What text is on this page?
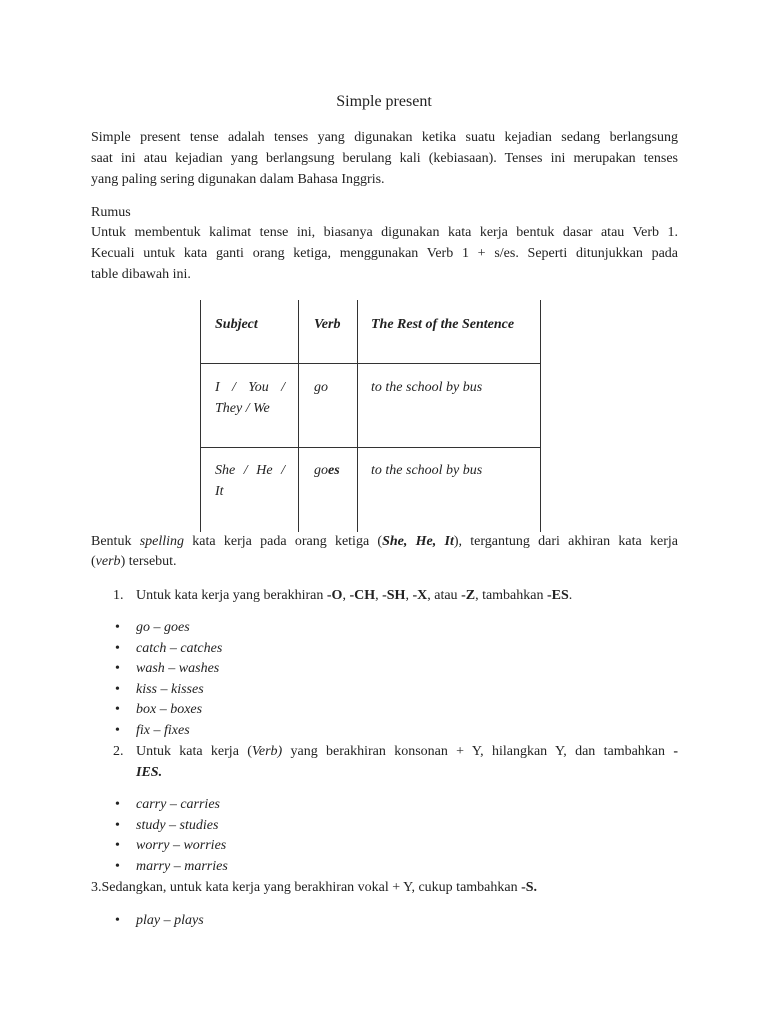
Simple present
Simple present tense adalah tenses yang digunakan ketika suatu kejadian sedang berlangsung
saat ini atau kejadian yang berlangsung berulang kali (kebiasaan). Tenses ini merupakan tenses
yang paling sering digunakan dalam Bahasa Inggris.
Rumus
Untuk membentuk kalimat tense ini, biasanya digunakan kata kerja bentuk dasar atau Verb 1.
Kecuali untuk kata ganti orang ketiga, menggunakan Verb 1 + s/es. Seperti ditunjukkan pada
table dibawah ini.
Subject	Verb The Rest of the Sentence
I / You /
They / We
go	to the school by bus
She / He /
It
goes to the school by bus
Bentuk spelling kata kerja pada orang ketiga (She, He, It), tergantung dari akhiran kata kerja
(verb) tersebut.
1. Untuk kata kerja yang berakhiran -O, -CH, -SH, -X, atau -Z, tambahkan -ES.
• go – goes
• catch – catches
• wash – washes
• kiss – kisses
• box – boxes
• fix – fixes
2. Untuk kata kerja (Verb) yang berakhiran konsonan + Y, hilangkan Y, dan tambahkan -
IES.
• carry – carries
• study – studies
• worry – worries
• marry – marries
3.Sedangkan, untuk kata kerja yang berakhiran vokal + Y, cukup tambahkan -S.
• play – plays
